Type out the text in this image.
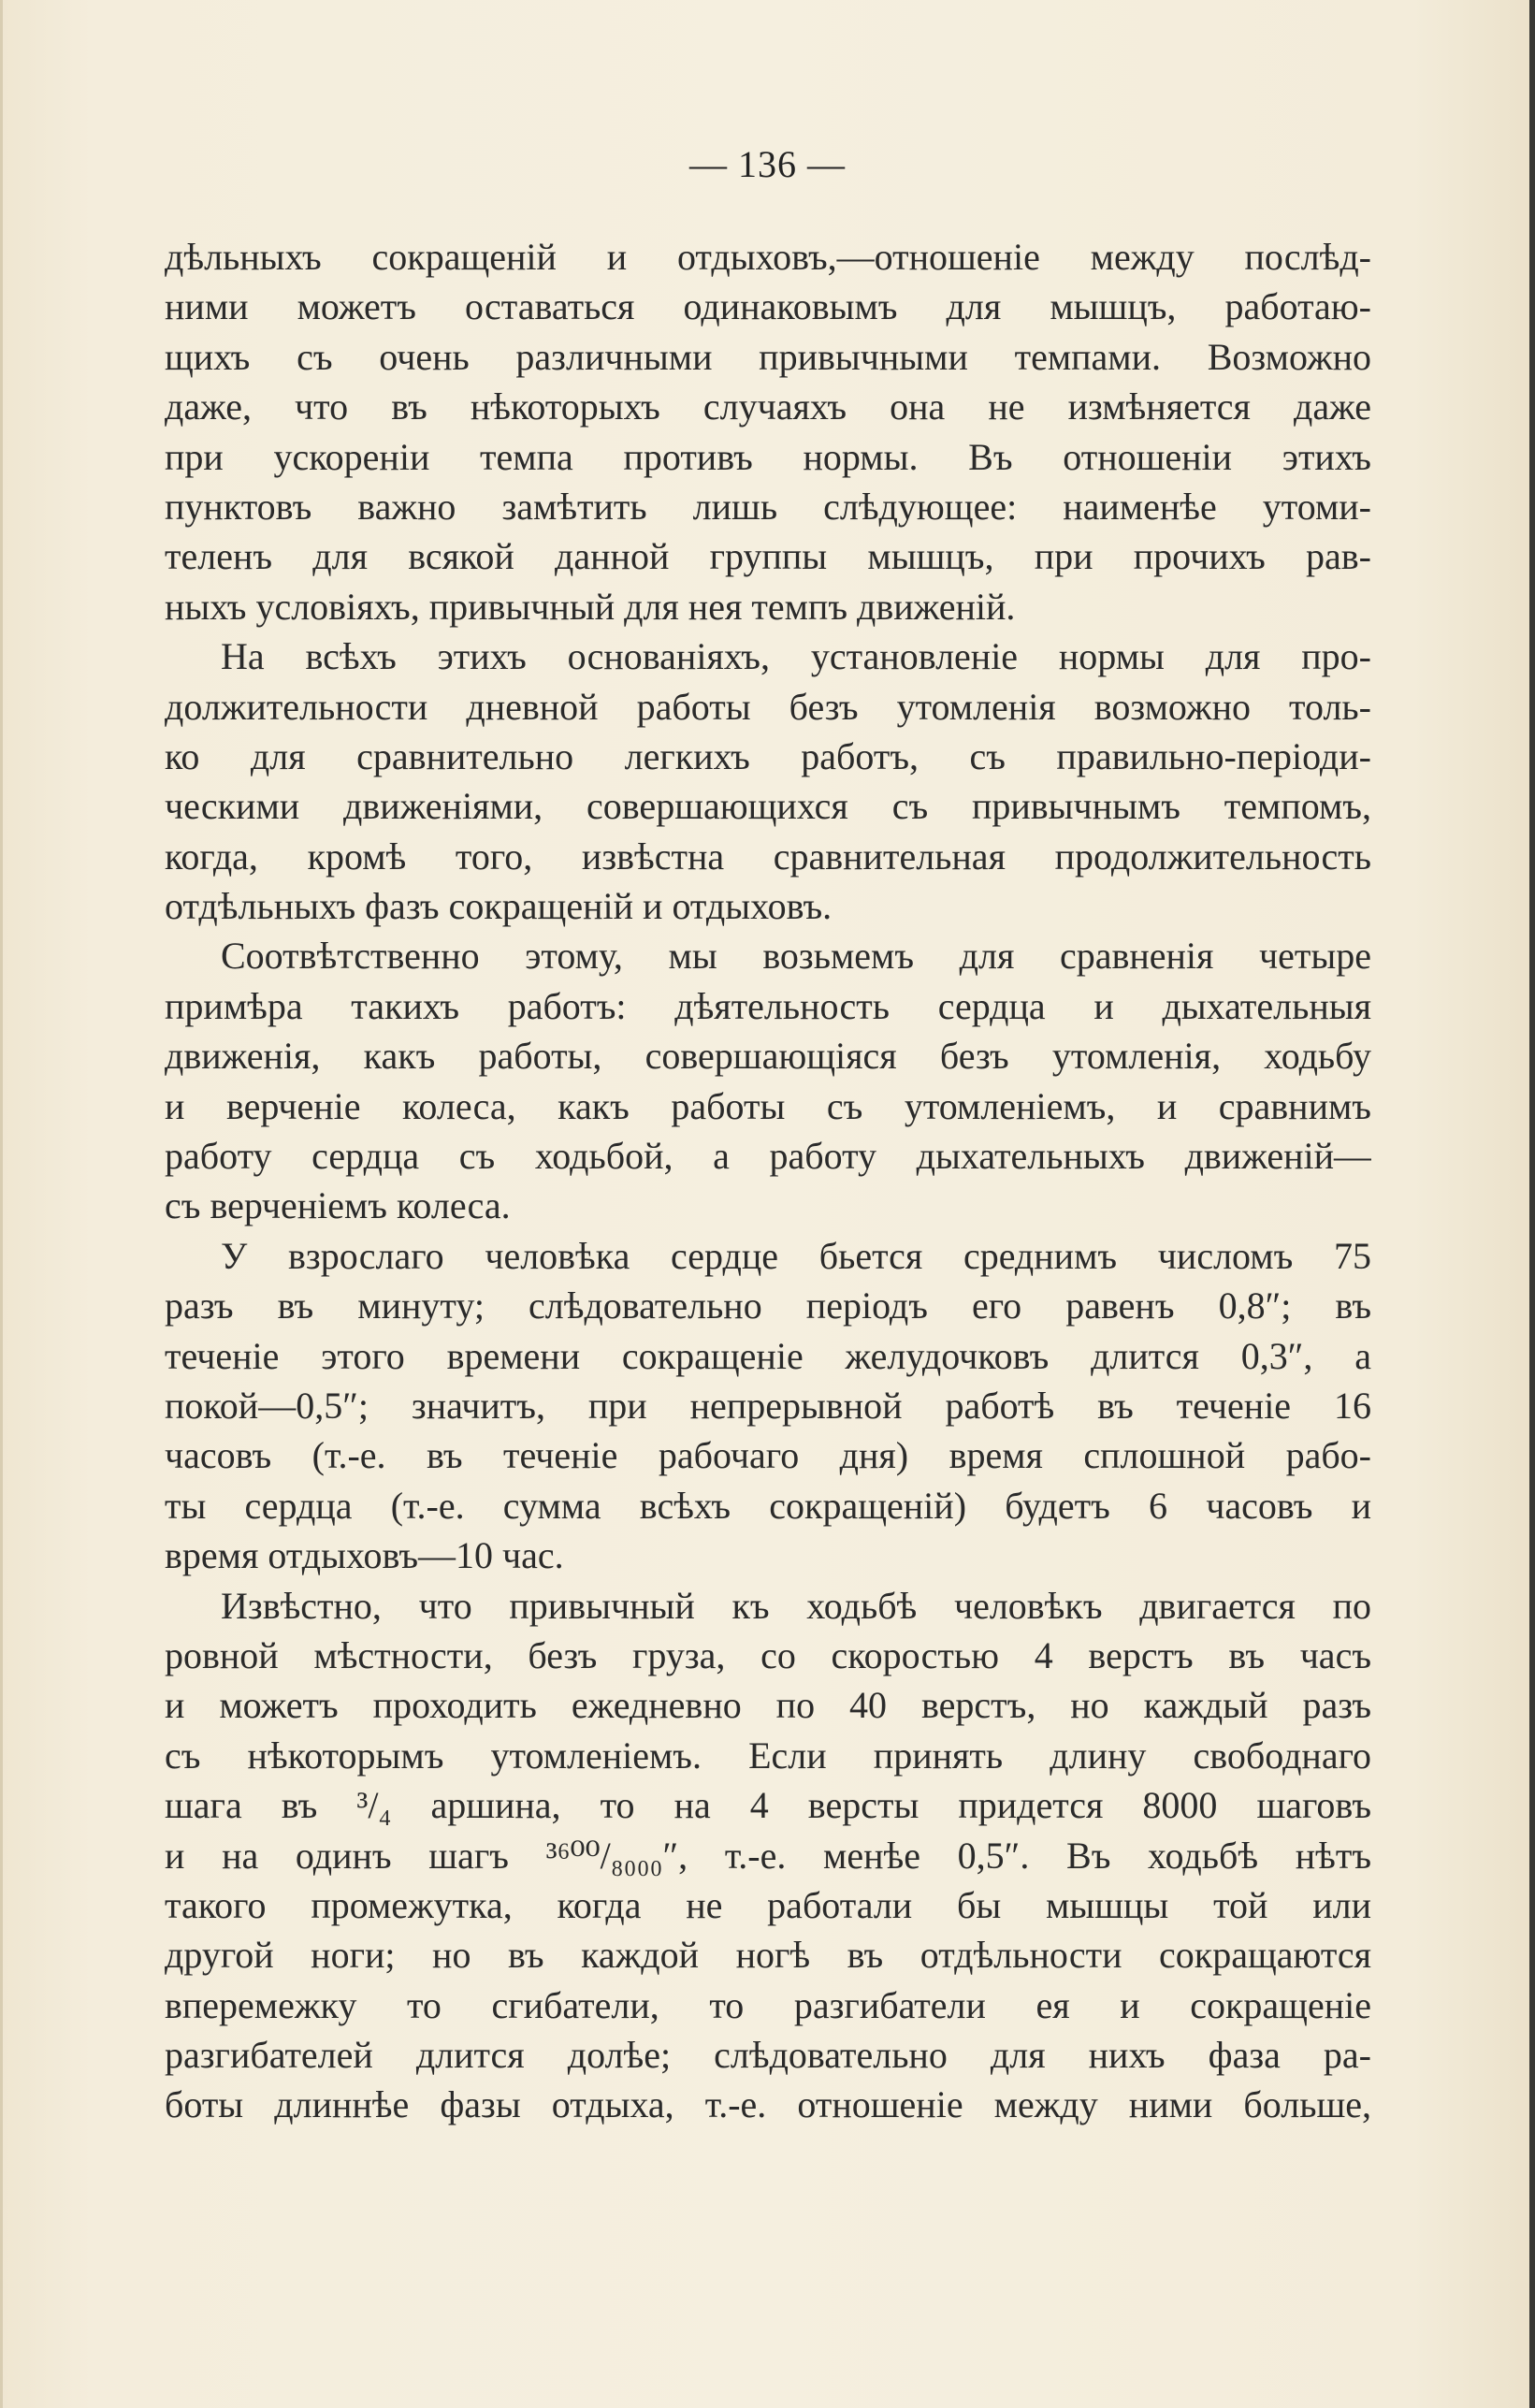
— 136 —
дѣльныхъ сокращеній и отдыховъ,—отношеніе между послѣд-
ними можетъ оставаться одинаковымъ для мышцъ, работаю-
щихъ съ очень различными привычными темпами. Возможно
даже, что въ нѣкоторыхъ случаяхъ она не измѣняется даже
при ускореніи темпа противъ нормы. Въ отношеніи этихъ
пунктовъ важно замѣтить лишь слѣдующее: наименѣе утоми-
теленъ для всякой данной группы мышцъ, при прочихъ рав-
ныхъ условіяхъ, привычный для нея темпъ движеній.
На всѣхъ этихъ основаніяхъ, установленіе нормы для про-
должительности дневной работы безъ утомленія возможно толь-
ко для сравнительно легкихъ работъ, съ правильно-періоди-
ческими движеніями, совершающихся съ привычнымъ темпомъ,
когда, кромѣ того, извѣстна сравнительная продолжительность
отдѣльныхъ фазъ сокращеній и отдыховъ.
Соотвѣтственно этому, мы возьмемъ для сравненія четыре
примѣра такихъ работъ: дѣятельность сердца и дыхательныя
движенія, какъ работы, совершающіяся безъ утомленія, ходьбу
и верченіе колеса, какъ работы съ утомленіемъ, и сравнимъ
работу сердца съ ходьбой, а работу дыхательныхъ движеній—
съ верченіемъ колеса.
У взрослаго человѣка сердце бьется среднимъ числомъ 75
разъ въ минуту; слѣдовательно періодъ его равенъ 0,8″; въ
теченіе этого времени сокращеніе желудочковъ длится 0,3″, а
покой—0,5″; значитъ, при непрерывной работѣ въ теченіе 16
часовъ (т.-е. въ теченіе рабочаго дня) время сплошной рабо-
ты сердца (т.-е. сумма всѣхъ сокращеній) будетъ 6 часовъ и
время отдыховъ—10 час.
Извѣстно, что привычный къ ходьбѣ человѣкъ двигается по
ровной мѣстности, безъ груза, со скоростью 4 верстъ въ часъ
и можетъ проходить ежедневно по 40 верстъ, но каждый разъ
съ нѣкоторымъ утомленіемъ. Если принять длину свободнаго
шага въ ³/₄ аршина, то на 4 версты придется 8000 шаговъ
и на одинъ шагъ ³⁶⁰⁰/₈₀₀₀″, т.-е. менѣе 0,5″. Въ ходьбѣ нѣтъ
такого промежутка, когда не работали бы мышцы той или
другой ноги; но въ каждой ногѣ въ отдѣльности сокращаются
вперемежку то сгибатели, то разгибатели ея и сокращеніе
разгибателей длится долѣе; слѣдовательно для нихъ фаза ра-
боты длиннѣе фазы отдыха, т.-е. отношеніе между ними больше,
